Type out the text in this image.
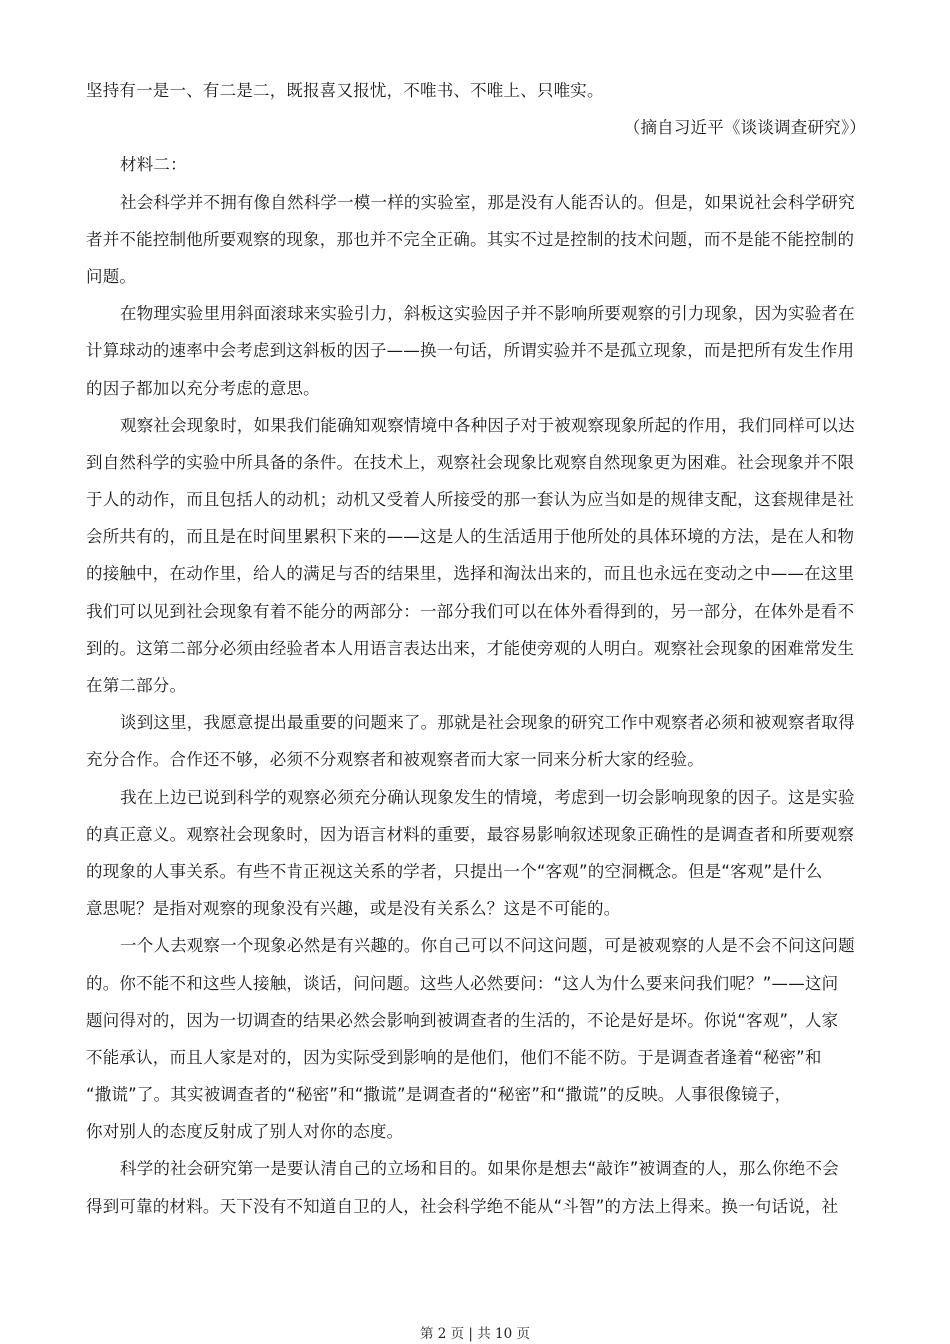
坚持有一是一、有二是二，既报喜又报忧，不唯书、不唯上、只唯实。
（摘自习近平《谈谈调查研究》）
材料二：
社会科学并不拥有像自然科学一模一样的实验室，那是没有人能否认的。但是，如果说社会科学研究
者并不能控制他所要观察的现象，那也并不完全正确。其实不过是控制的技术问题，而不是能不能控制的
问题。
在物理实验里用斜面滚球来实验引力，斜板这实验因子并不影响所要观察的引力现象，因为实验者在
计算球动的速率中会考虑到这斜板的因子——换一句话，所谓实验并不是孤立现象，而是把所有发生作用
的因子都加以充分考虑的意思。
观察社会现象时，如果我们能确知观察情境中各种因子对于被观察现象所起的作用，我们同样可以达
到自然科学的实验中所具备的条件。在技术上，观察社会现象比观察自然现象更为困难。社会现象并不限
于人的动作，而且包括人的动机；动机又受着人所接受的那一套认为应当如是的规律支配，这套规律是社
会所共有的，而且是在时间里累积下来的——这是人的生活适用于他所处的具体环境的方法，是在人和物
的接触中，在动作里，给人的满足与否的结果里，选择和淘汰出来的，而且也永远在变动之中——在这里
我们可以见到社会现象有着不能分的两部分：一部分我们可以在体外看得到的，另一部分，在体外是看不
到的。这第二部分必须由经验者本人用语言表达出来，才能使旁观的人明白。观察社会现象的困难常发生
在第二部分。
谈到这里，我愿意提出最重要的问题来了。那就是社会现象的研究工作中观察者必须和被观察者取得
充分合作。合作还不够，必须不分观察者和被观察者而大家一同来分析大家的经验。
我在上边已说到科学的观察必须充分确认现象发生的情境，考虑到一切会影响现象的因子。这是实验
的真正意义。观察社会现象时，因为语言材料的重要，最容易影响叙述现象正确性的是调查者和所要观察
的现象的人事关系。有些不肯正视这关系的学者，只提出一个“客观”的空洞概念。但是“客观”是什么
意思呢？是指对观察的现象没有兴趣，或是没有关系么？这是不可能的。
一个人去观察一个现象必然是有兴趣的。你自己可以不问这问题，可是被观察的人是不会不问这问题
的。你不能不和这些人接触，谈话，问问题。这些人必然要问：“这人为什么要来问我们呢？”——这问
题问得对的，因为一切调查的结果必然会影响到被调查者的生活的，不论是好是坏。你说“客观”，人家
不能承认，而且人家是对的，因为实际受到影响的是他们，他们不能不防。于是调查者逢着“秘密”和
“撒谎”了。其实被调查者的“秘密”和“撒谎”是调查者的“秘密”和“撒谎”的反映。人事很像镜子，
你对别人的态度反射成了别人对你的态度。
科学的社会研究第一是要认清自己的立场和目的。如果你是想去“敲诈”被调查的人，那么你绝不会
得到可靠的材料。天下没有不知道自卫的人，社会科学绝不能从“斗智”的方法上得来。换一句话说，社
第 2 页 | 共 10 页
